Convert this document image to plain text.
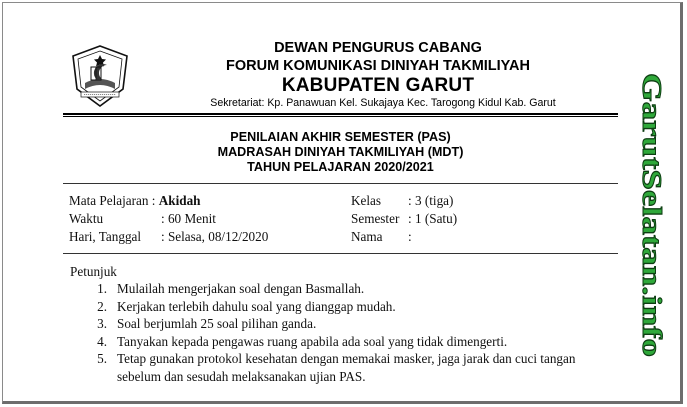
DEWAN PENGURUS CABANG
FORUM KOMUNIKASI DINIYAH TAKMILIYAH
KABUPATEN GARUT
Sekretariat: Kp. Panawuan Kel. Sukajaya Kec. Tarogong Kidul Kab. Garut
PENILAIAN AKHIR SEMESTER (PAS)
MADRASAH DINIYAH TAKMILIYAH (MDT)
TAHUN PELAJARAN 2020/2021
Mata Pelajaran : Akidah
Waktu	: 60 Menit
Hari, Tanggal : Selasa, 08/12/2020
Kelas : 3 (tiga)
Semester : 1 (Satu)
Nama :
Petunjuk
1. Mulailah mengerjakan soal dengan Basmallah.
2. Kerjakan terlebih dahulu soal yang dianggap mudah.
3. Soal berjumlah 25 soal pilihan ganda.
4. Tanyakan kepada pengawas ruang apabila ada soal yang tidak dimengerti.
5. Tetap gunakan protokol kesehatan dengan memakai masker, jaga jarak dan cuci tangan sebelum dan sesudah melaksanakan ujian PAS.
GarutSelatan.info
